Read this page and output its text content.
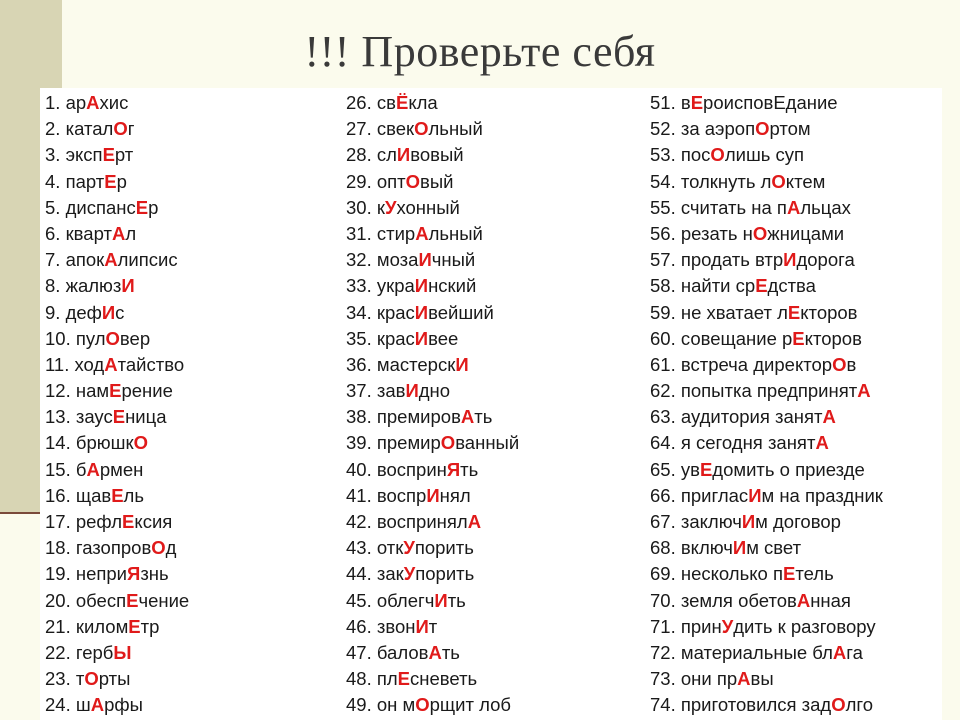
!!! Проверьте себя
1. арАхис
2. каталОг
3. экспЕрт
4. партЕр
5. диспансЕр
6. квартАл
7. апокАлипсис
8. жалюзИ
9. дефИс
10. пулОвер
11. ходАтайство
12. намЕрение
13. заусЕница
14. брюшкО
15. бАрмен
16. щавЕль
17. рефлЕксия
18. газопровОд
19. неприЯзнь
20. обеспЕчение
21. киломЕтр
22. гербЫ
23. тОрты
24. шАрфы
26. свЁкла
27. свекОльный
28. слИвовый
29. оптОвый
30. кУхонный
31. стирАльный
32. мозаИчный
33. украИнский
34. красИвейший
35. красИвее
36. мастерскИ
37. завИдно
38. премировАть
39. премирОванный
40. воспринЯть
41. воспрИнял
42. воспринялА
43. откУпорить
44. закУпорить
45. облегчИть
46. звонИт
47. баловАть
48. плЕсневеть
49. он мОрщит лоб
51. вЕроисповЕдание
52. за аэропОртом
53. посОлишь суп
54. толкнуть лОктем
55. считать на пАльцах
56. резать нОжницами
57. продать втрИдорога
58. найти срЕдства
59. не хватает лЕкторов
60. совещание рЕкторов
61. встреча директорОв
62. попытка предпринятА
63. аудитория занятА
64. я сегодня занятА
65. увЕдомить о приезде
66. пригласИм на праздник
67. заключИм договор
68. включИм свет
69. несколько пЕтель
70. земля обетовАнная
71. принУдить к разговору
72. материальные блАга
73. они прАвы
74. приготовился задОлго
